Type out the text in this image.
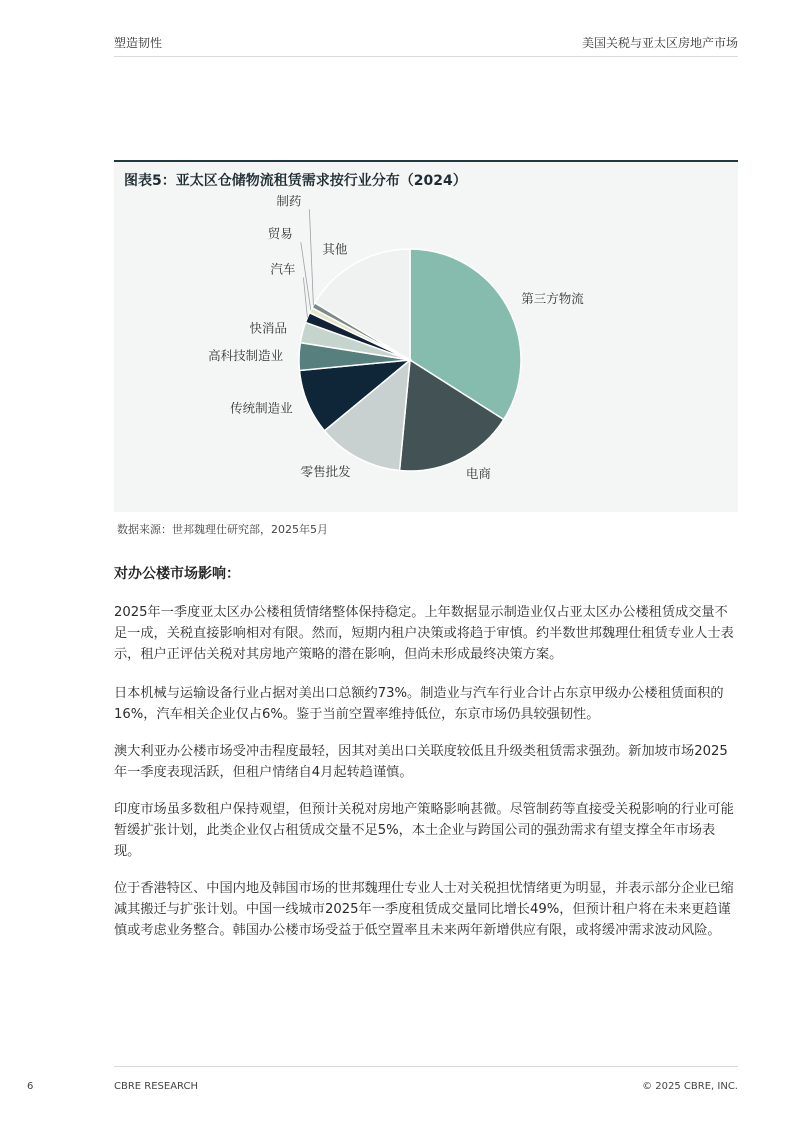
塑造韧性	美国关税与亚太区房地产市场
图表5：亚太区仓储物流租赁需求按行业分布（2024）
第三方物流
电商
零售批发
传统制造业
高科技制造业
快消品
汽车
贸易
制药
其他
数据来源：世邦魏理仕研究部，2025年5月
对办公楼市场影响：

2025年一季度亚太区办公楼租赁情绪整体保持稳定。上年数据显示制造业仅占亚太区办公楼租赁成交量不足一成，关税直接影响相对有限。然而，短期内租户决策或将趋于审慎。约半数世邦魏理仕租赁专业人士表示，租户正评估关税对其房地产策略的潜在影响，但尚未形成最终决策方案。

日本机械与运输设备行业占据对美出口总额约73%。制造业与汽车行业合计占东京甲级办公楼租赁面积的16%，汽车相关企业仅占6%。鉴于当前空置率维持低位，东京市场仍具较强韧性。

澳大利亚办公楼市场受冲击程度最轻，因其对美出口关联度较低且升级类租赁需求强劲。新加坡市场2025年一季度表现活跃，但租户情绪自4月起转趋谨慎。

印度市场虽多数租户保持观望，但预计关税对房地产策略影响甚微。尽管制药等直接受关税影响的行业可能暂缓扩张计划，此类企业仅占租赁成交量不足5%，本土企业与跨国公司的强劲需求有望支撑全年市场表现。

位于香港特区、中国内地及韩国市场的世邦魏理仕专业人士对关税担忧情绪更为明显，并表示部分企业已缩减其搬迁与扩张计划。中国一线城市2025年一季度租赁成交量同比增长49%，但预计租户将在未来更趋谨慎或考虑业务整合。韩国办公楼市场受益于低空置率且未来两年新增供应有限，或将缓冲需求波动风险。

6	CBRE RESEARCH	© 2025 CBRE, INC.
